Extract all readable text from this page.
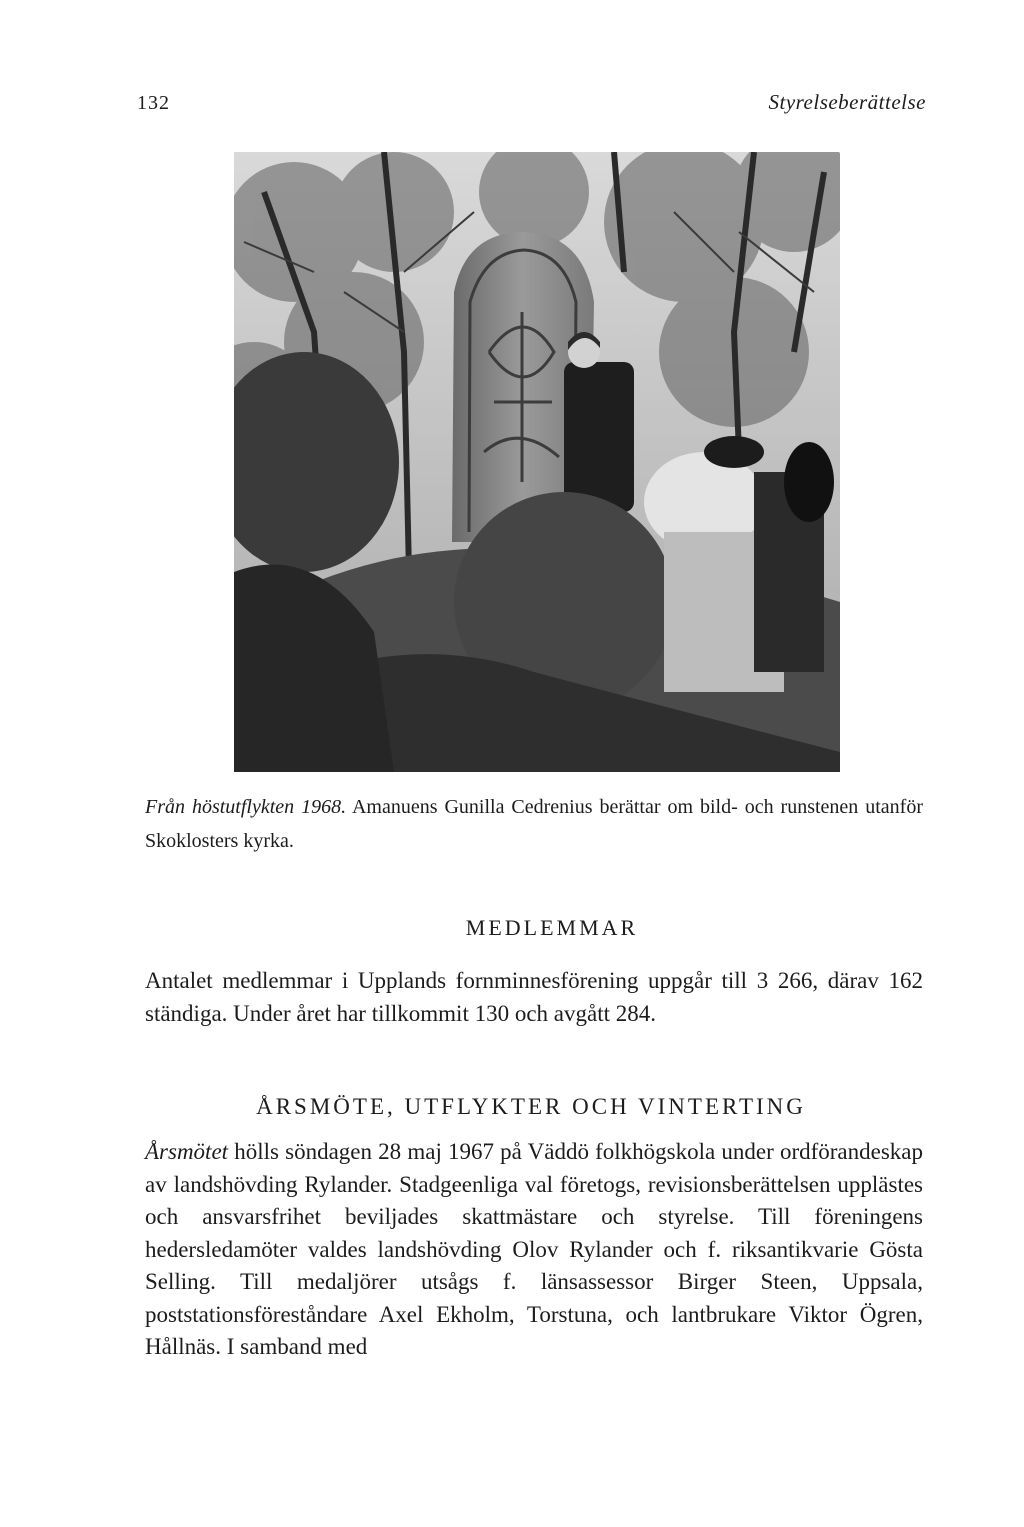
132	Styrelseberättelse
Från höstutflykten 1968. Amanuens Gunilla Cedrenius berättar om bild- och runstenen utanför Skoklosters kyrka.
MEDLEMMAR
Antalet medlemmar i Upplands fornminnesförening uppgår till 3 266, därav 162 ständiga. Under året har tillkommit 130 och avgått 284.
ÅRSMÖTE, UTFLYKTER OCH VINTERTING
Årsmötet hölls söndagen 28 maj 1967 på Väddö folkhögskola under ordförandeskap av landshövding Rylander. Stadgeenliga val företogs, revisionsberättelsen upplästes och ansvarsfrihet beviljades skattmästare och styrelse. Till föreningens hedersledamöter valdes landshövding Olov Rylander och f. riksantikvarie Gösta Selling. Till medaljörer utsågs f. länsassessor Birger Steen, Uppsala, poststationsföreståndare Axel Ekholm, Torstuna, och lantbrukare Viktor Ögren, Hållnäs. I samband med
